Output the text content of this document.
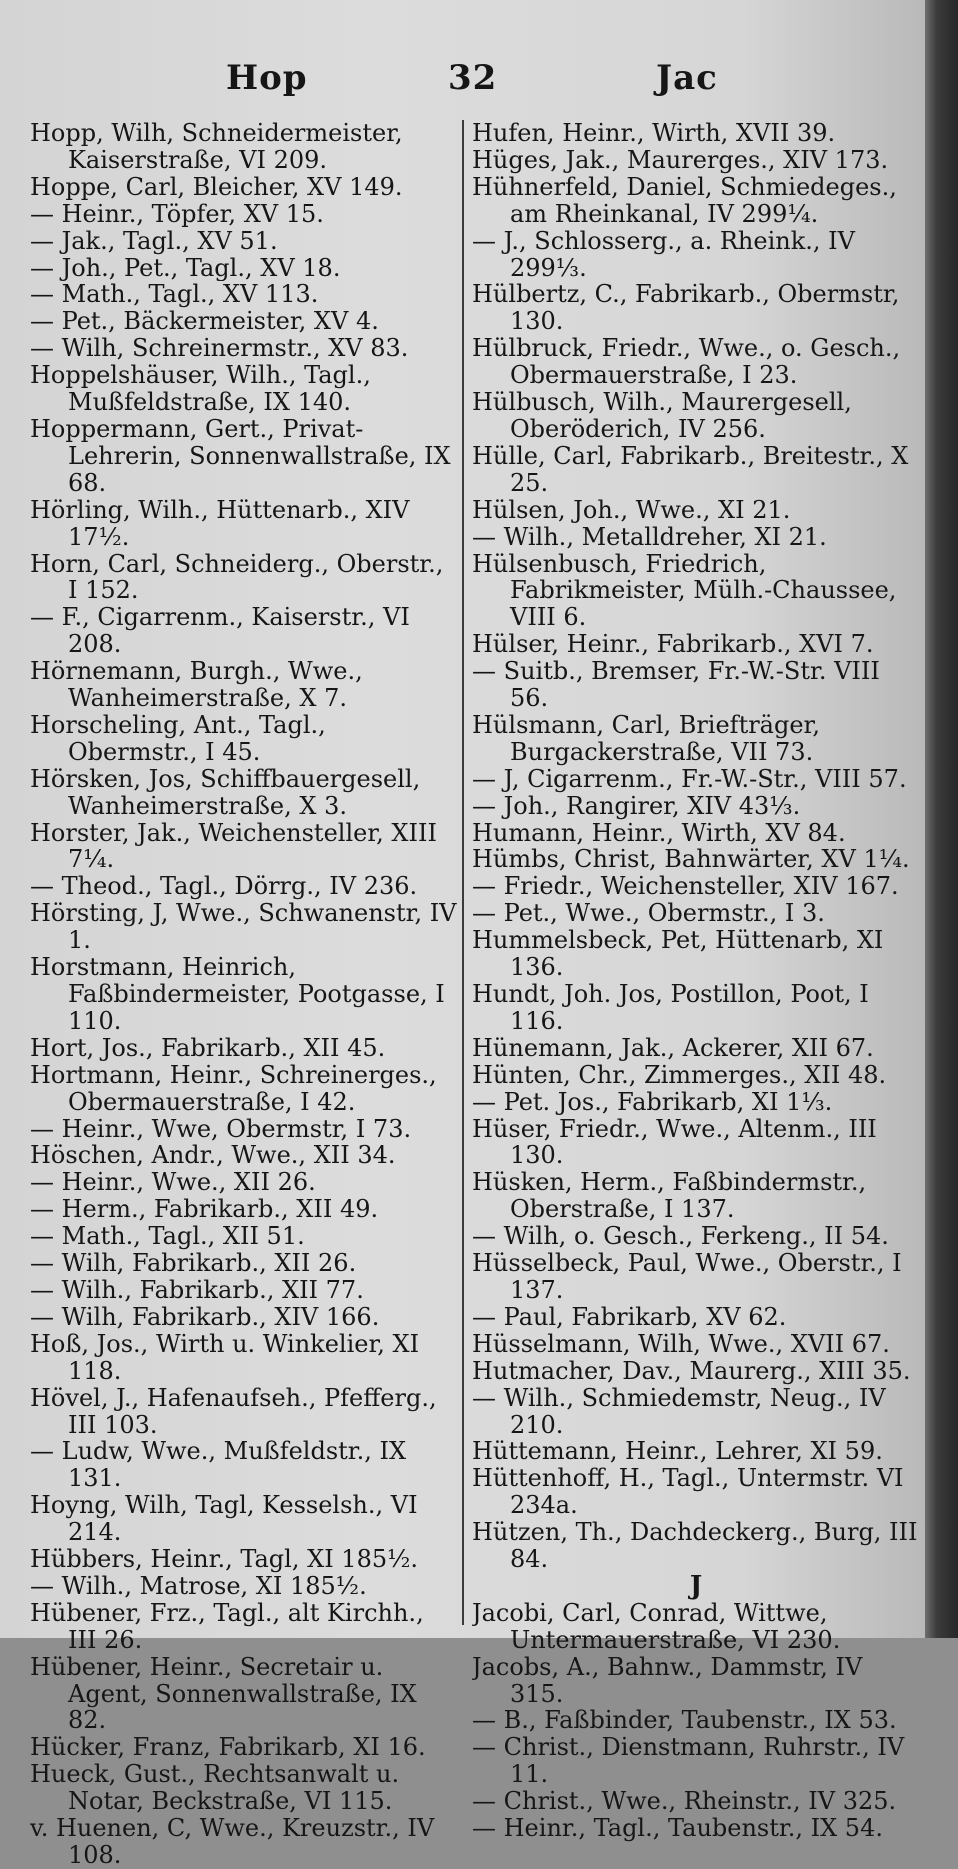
Hop	32	Jac
Hopp, Wilh, Schneidermeister, Kaiserstraße, VI 209.
Hoppe, Carl, Bleicher, XV 149.
— Heinr., Töpfer, XV 15.
— Jak., Tagl., XV 51.
— Joh., Pet., Tagl., XV 18.
— Math., Tagl., XV 113.
— Pet., Bäckermeister, XV 4.
— Wilh, Schreinermstr., XV 83.
Hoppelshäuser, Wilh., Tagl., Mußfeldstraße, IX 140.
Hoppermann, Gert., Privat-Lehrerin, Sonnenwallstraße, IX 68.
Hörling, Wilh., Hüttenarb., XIV 17½.
Horn, Carl, Schneiderg., Oberstr., I 152.
— F., Cigarrenm., Kaiserstr., VI 208.
Hörnemann, Burgh., Wwe., Wanheimerstraße, X 7.
Horscheling, Ant., Tagl., Obermstr., I 45.
Hörsken, Jos, Schiffbauergesell, Wanheimerstraße, X 3.
Horster, Jak., Weichensteller, XIII 7¼.
— Theod., Tagl., Dörrg., IV 236.
Hörsting, J, Wwe., Schwanenstr, IV 1.
Horstmann, Heinrich, Faßbindermeister, Pootgasse, I 110.
Hort, Jos., Fabrikarb., XII 45.
Hortmann, Heinr., Schreinerges., Obermauerstraße, I 42.
— Heinr., Wwe, Obermstr, I 73.
Höschen, Andr., Wwe., XII 34.
— Heinr., Wwe., XII 26.
— Herm., Fabrikarb., XII 49.
— Math., Tagl., XII 51.
— Wilh, Fabrikarb., XII 26.
— Wilh., Fabrikarb., XII 77.
— Wilh, Fabrikarb., XIV 166.
Hoß, Jos., Wirth u. Winkelier, XI 118.
Hövel, J., Hafenaufseh., Pfefferg., III 103.
— Ludw, Wwe., Mußfeldstr., IX 131.
Hoyng, Wilh, Tagl, Kesselsh., VI 214.
Hübbers, Heinr., Tagl, XI 185½.
— Wilh., Matrose, XI 185½.
Hübener, Frz., Tagl., alt Kirchh., III 26.
Hübener, Heinr., Secretair u. Agent, Sonnenwallstraße, IX 82.
Hücker, Franz, Fabrikarb, XI 16.
Hueck, Gust., Rechtsanwalt u. Notar, Beckstraße, VI 115.
v. Huenen, C, Wwe., Kreuzstr., IV 108.
Hufen, Heinr., Wirth, XVII 39.
Hüges, Jak., Maurerges., XIV 173.
Hühnerfeld, Daniel, Schmiedeges., am Rheinkanal, IV 299¼.
— J., Schlosserg., a. Rheink., IV 299⅓.
Hülbertz, C., Fabrikarb., Obermstr, 130.
Hülbruck, Friedr., Wwe., o. Gesch., Obermauerstraße, I 23.
Hülbusch, Wilh., Maurergesell, Oberöderich, IV 256.
Hülle, Carl, Fabrikarb., Breitestr., X 25.
Hülsen, Joh., Wwe., XI 21.
— Wilh., Metalldreher, XI 21.
Hülsenbusch, Friedrich, Fabrikmeister, Mülh.-Chaussee, VIII 6.
Hülser, Heinr., Fabrikarb., XVI 7.
— Suitb., Bremser, Fr.-W.-Str. VIII 56.
Hülsmann, Carl, Briefträger, Burgackerstraße, VII 73.
— J, Cigarrenm., Fr.-W.-Str., VIII 57.
— Joh., Rangirer, XIV 43⅓.
Humann, Heinr., Wirth, XV 84.
Hümbs, Christ, Bahnwärter, XV 1¼.
— Friedr., Weichensteller, XIV 167.
— Pet., Wwe., Obermstr., I 3.
Hummelsbeck, Pet, Hüttenarb, XI 136.
Hundt, Joh. Jos, Postillon, Poot, I 116.
Hünemann, Jak., Ackerer, XII 67.
Hünten, Chr., Zimmerges., XII 48.
— Pet. Jos., Fabrikarb, XI 1⅓.
Hüser, Friedr., Wwe., Altenm., III 130.
Hüsken, Herm., Faßbindermstr., Oberstraße, I 137.
— Wilh, o. Gesch., Ferkeng., II 54.
Hüsselbeck, Paul, Wwe., Oberstr., I 137.
— Paul, Fabrikarb, XV 62.
Hüsselmann, Wilh, Wwe., XVII 67.
Hutmacher, Dav., Maurerg., XIII 35.
— Wilh., Schmiedemstr, Neug., IV 210.
Hüttemann, Heinr., Lehrer, XI 59.
Hüttenhoff, H., Tagl., Untermstr. VI 234a.
Hützen, Th., Dachdeckerg., Burg, III 84.
J
Jacobi, Carl, Conrad, Wittwe, Untermauerstraße, VI 230.
Jacobs, A., Bahnw., Dammstr, IV 315.
— B., Faßbinder, Taubenstr., IX 53.
— Christ., Dienstmann, Ruhrstr., IV 11.
— Christ., Wwe., Rheinstr., IV 325.
— Heinr., Tagl., Taubenstr., IX 54.
